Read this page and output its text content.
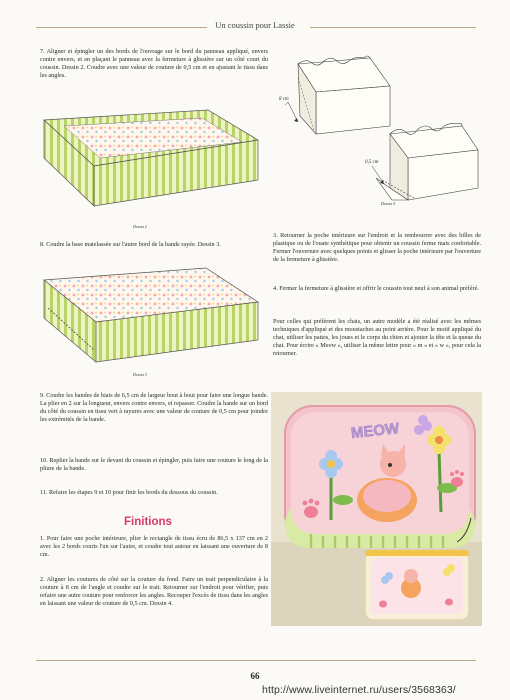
Un coussin pour Lassie

7. Aligner et épingler un des bords de l'ouvrage sur le bord du panneau appliqué, envers contre envers, et en plaçant le panneau avec la fermeture à glissière sur un côté court du coussin. Dessin 2. Coudre avec une valeur de couture de 0,5 cm et en ajustant le tissu dans les angles.

Dessin 2

8. Coudre la base matelassée sur l'autre bord de la bande rayée. Dessin 3.

Dessin 3

9. Coudre les bandes de biais de 6,5 cm de largeur bout à bout pour faire une longue bande. La plier en 2 sur la longueur, envers contre envers, et repasser. Coudre la bande sur un bord du côté du coussin en tissu vert à rayures avec une valeur de couture de 0,5 cm pour joindre les extrémités de la bande.

10. Replier la bande sur le devant du coussin et épingler, puis faire une couture le long de la pliure de la bande.

11. Refaire les étapes 9 et 10 pour finir les bords du dessous du coussin.

Finitions

1. Pour faire une poche intérieure, plier le rectangle de tissu écru de 86,5 x 137 cm en 2 avec les 2 bords courts l'un sur l'autre, et coudre tout autour en laissant une ouverture de 8 cm.

2. Aligner les coutures de côté sur la couture du fond. Faire un trait perpendiculaire à la couture à 8 cm de l'angle et coudre sur le trait. Retourner sur l'endroit pour vérifier, puis refaire une autre couture pour renforcer les angles. Recouper l'excès de tissu dans les angles en laissant une valeur de couture de 0,5 cm. Dessin 4.

8 cm
0,5 cm
Dessin 4

3. Retourner la poche intérieure sur l'endroit et la rembourrer avec des billes de plastique ou de l'ouate synthétique pour obtenir un coussin ferme mais confortable. Fermer l'ouverture avec quelques points et glisser la poche intérieure par l'ouverture de la fermeture à glissière.

4. Fermer la fermeture à glissière et offrir le coussin tout neuf à son animal préféré.

Pour celles qui préfèrent les chats, un autre modèle a été réalisé avec les mêmes techniques d'appliqué et des moustaches au point arrière. Pour le motif appliqué du chat, utiliser les pattes, les joues et le corps du chien et ajouter la tête et la queue du chat. Pour écrire « Meow », utiliser la même lettre pour « m » et « w », pour cela la retourner.

MEOW
66
http://www.liveinternet.ru/users/3568363/
